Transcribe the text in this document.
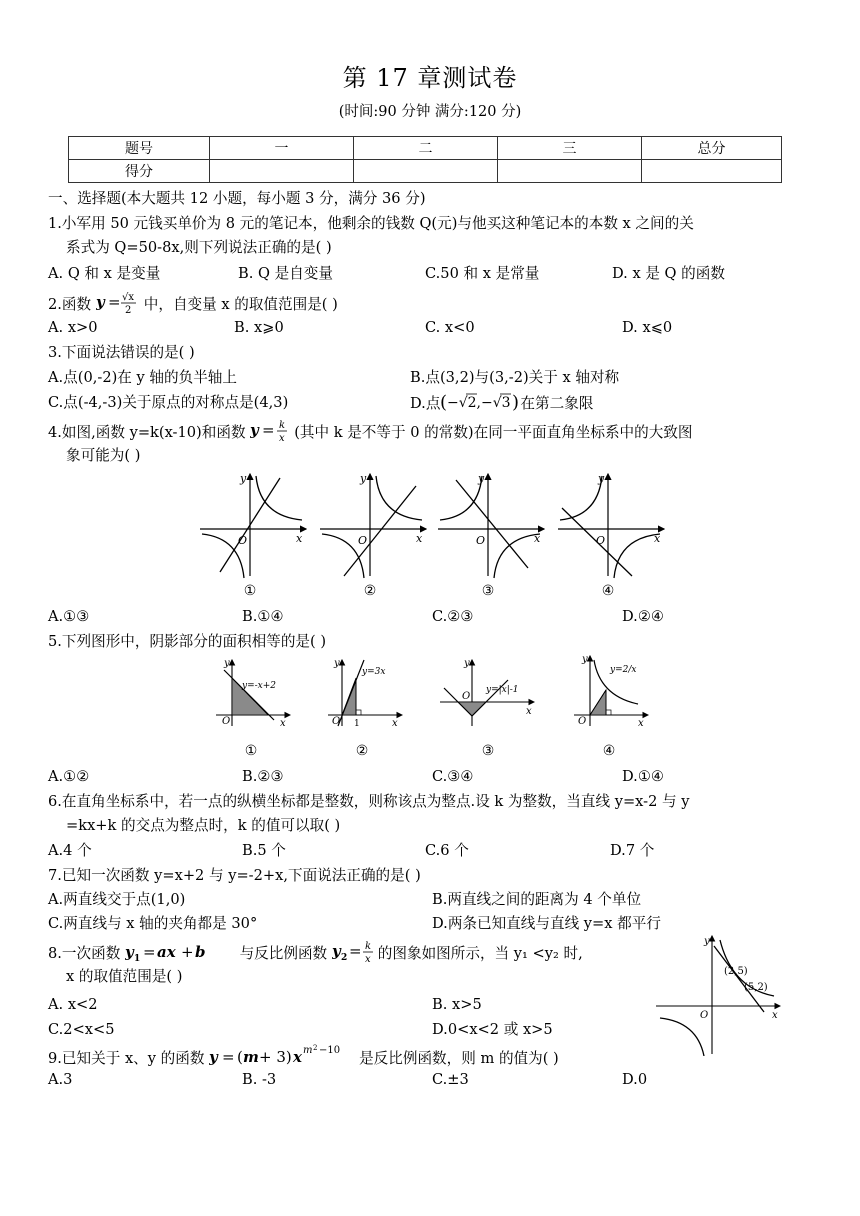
第 17 章测试卷
(时间:90 分钟 满分:120 分)
题号	一	二	三	总分
得分				
一、选择题(本大题共 12 小题，每小题 3 分，满分 36 分)
1.小军用 50 元钱买单价为 8 元的笔记本，他剩余的钱数 Q(元)与他买这种笔记本的本数 x 之间的关
系式为 Q=50-8x,则下列说法正确的是( )
A. Q 和 x 是变量	B. Q 是自变量	C.50 和 x 是常量	D. x 是 Q 的函数
2.函数 y = √x
2 中，自变量 x 的取值范围是( )
A. x>0	B. x⩾0	C. x<0	D. x⩽0
3.下面说法错误的是( )
A.点(0,-2)在 y 轴的负半轴上	B.点(3,2)与(3,-2)关于 x 轴对称
C.点(-4,-3)关于原点的对称点是(4,3)	D.点 ( −√2,−√3 ) 在第二象限
4.如图,函数 y=k(x-10)和函数 y = k
x (其中 k 是不等于 0 的常数)在同一平面直角坐标系中的大致图
象可能为( )
O	x
y
O	x
y
O	x
y
O	x
y
①	②	③	④
A.①③	B.①④	C.②③	D.②④
5.下列图形中，阴影部分的面积相等的是( )
y=-x+2
O	x
y
y=3x
O 1	x
y
y=|x|-1
O
x
y
y=2/x
O	x
y
①	②	③	④
A.①②	B.②③	C.③④	D.①④
6.在直角坐标系中，若一点的纵横坐标都是整数，则称该点为整点.设 k 为整数，当直线 y=x-2 与 y
=kx+k 的交点为整点时，k 的值可以取( )
A.4 个	B.5 个	C.6 个	D.7 个
7.已知一次函数 y=x+2 与 y=-2+x,下面说法正确的是( )
A.两直线交于点(1,0)	B.两直线之间的距离为 4 个单位
C.两直线与 x 轴的夹角都是 30°	D.两条已知直线与直线 y=x 都平行
8.一次函数 y 1 = ax + b 与反比例函数 y 2 = k
x 的图象如图所示，当 y₁ <y₂ 时,
x 的取值范围是( )
A. x<2	B. x>5
C.2<x<5	D.0<x<2 或 x>5
(2,5)
(5,2)
O	x
y
9.已知关于 x、y 的函数 y = ( m + 3) x m 2 −10 是反比例函数，则 m 的值为( )
A.3	B. -3	C.±3	D.0
